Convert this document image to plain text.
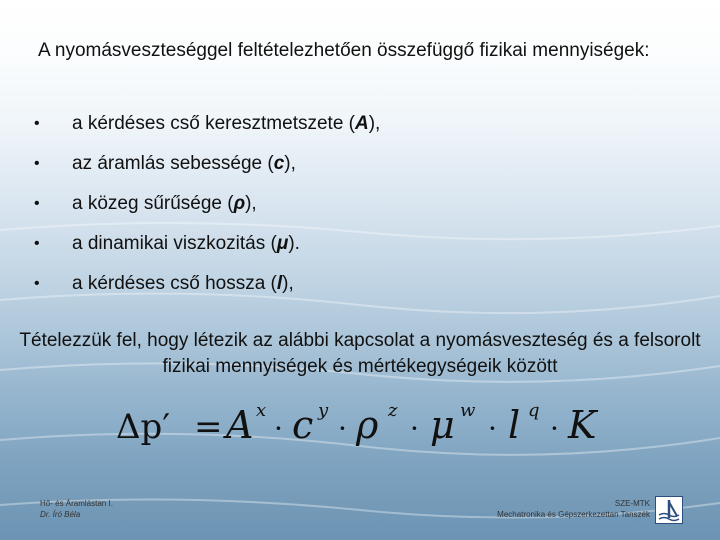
A nyomásveszteséggel feltételezhetően összefüggő fizikai mennyiségek:
•	a kérdéses cső keresztmetszete (A),
•	az áramlás sebessége (c),
•	a közeg sűrűsége (ρ),
•	a dinamikai viszkozitás (μ).
•	a kérdéses cső hossza (l),
Tételezzük fel, hogy létezik az alábbi kapcsolat a nyomásveszteség és a felsorolt fizikai mennyiségek és mértékegységeik között
Δp′ = A x
· c y
· ρ z
· μ w
· l q
· K
Hő- és Áramlástan I.
Dr. Író Béla
SZE-MTK
Mechatronika és Gépszerkezettan Tanszék
